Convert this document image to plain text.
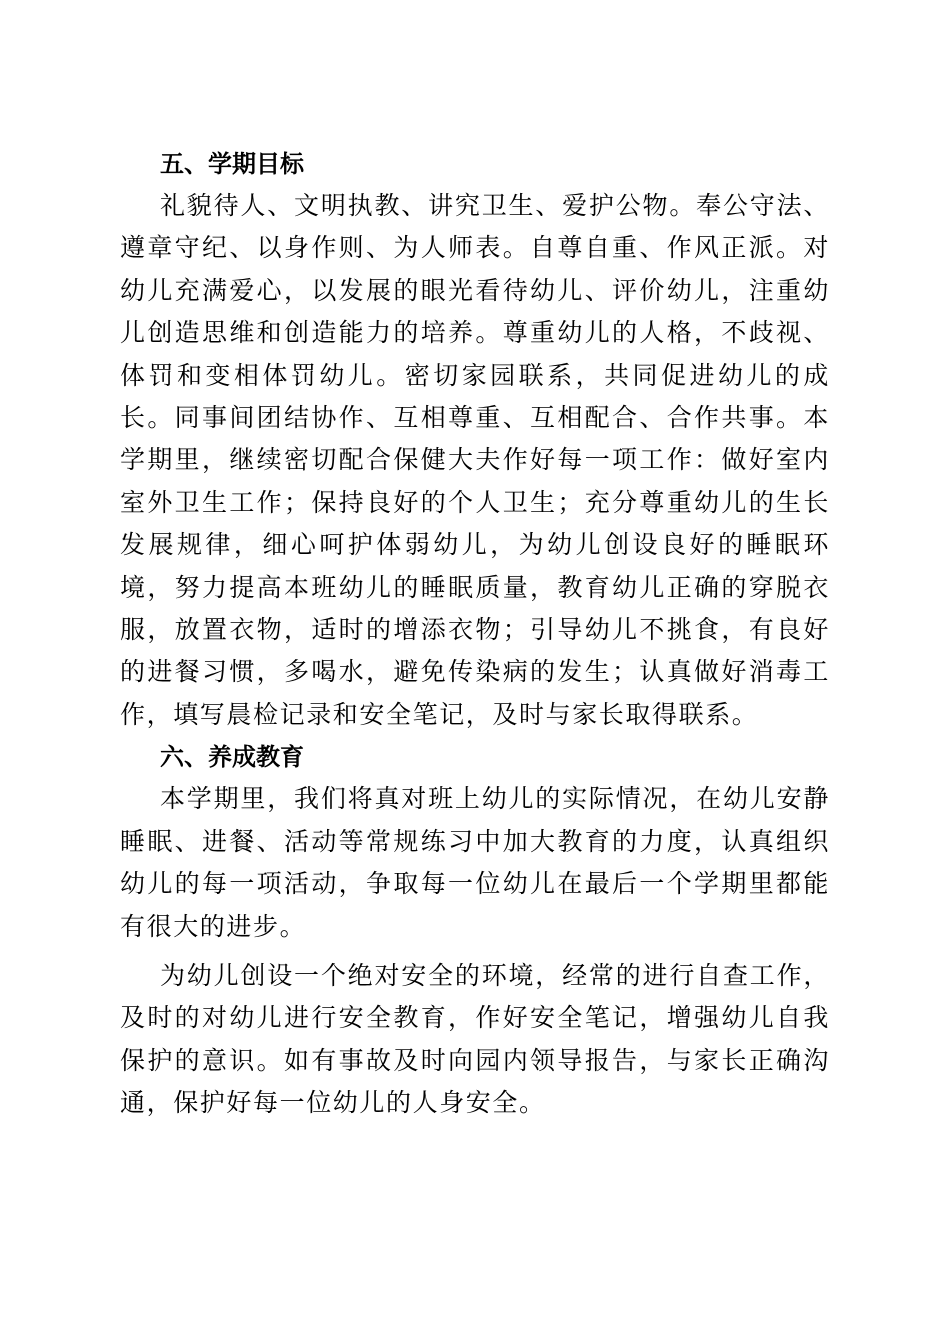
五、学期目标

礼貌待人、文明执教、讲究卫生、爱护公物。奉公守法、遵章守纪、以身作则、为人师表。自尊自重、作风正派。对幼儿充满爱心，以发展的眼光看待幼儿、评价幼儿，注重幼儿创造思维和创造能力的培养。尊重幼儿的人格，不歧视、体罚和变相体罚幼儿。密切家园联系，共同促进幼儿的成长。同事间团结协作、互相尊重、互相配合、合作共事。本学期里，继续密切配合保健大夫作好每一项工作：做好室内室外卫生工作；保持良好的个人卫生；充分尊重幼儿的生长发展规律，细心呵护体弱幼儿，为幼儿创设良好的睡眠环境，努力提高本班幼儿的睡眠质量，教育幼儿正确的穿脱衣服，放置衣物，适时的增添衣物；引导幼儿不挑食，有良好的进餐习惯，多喝水，避免传染病的发生；认真做好消毒工作，填写晨检记录和安全笔记，及时与家长取得联系。

六、养成教育

本学期里，我们将真对班上幼儿的实际情况，在幼儿安静睡眠、进餐、活动等常规练习中加大教育的力度，认真组织幼儿的每一项活动，争取每一位幼儿在最后一个学期里都能有很大的进步。

为幼儿创设一个绝对安全的环境，经常的进行自查工作，及时的对幼儿进行安全教育，作好安全笔记，增强幼儿自我保护的意识。如有事故及时向园内领导报告，与家长正确沟通，保护好每一位幼儿的人身安全。
